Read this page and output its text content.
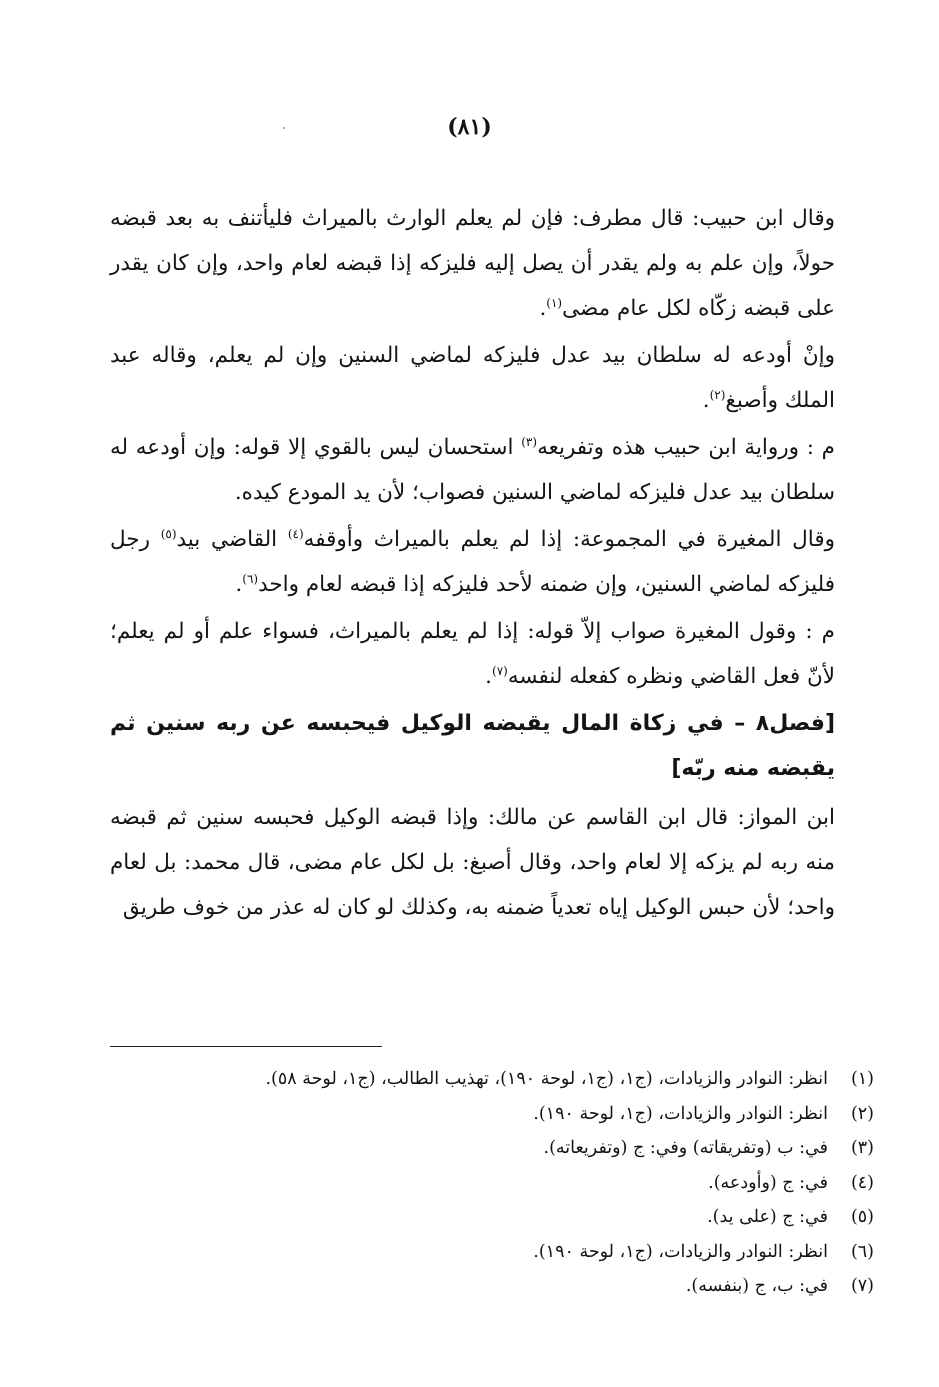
(٨١)

وقال ابن حبيب: قال مطرف: فإن لم يعلم الوارث بالميراث فليأتنف به بعد قبضه حولاً، وإن علم به ولم يقدر أن يصل إليه فليزكه إذا قبضه لعام واحد، وإن كان يقدر على قبضه زكّاه لكل عام مضى$^{(١)}$.

وإنْ أودعه له سلطان بيد عدل فليزكه لماضي السنين وإن لم يعلم، وقاله عبد الملك وأصبغ$^{(٢)}$.

م : ورواية ابن حبيب هذه وتفريعه$^{(٣)}$ استحسان ليس بالقوي إلا قوله: وإن أودعه له سلطان بيد عدل فليزكه لماضي السنين فصواب؛ لأن يد المودع كيده.

وقال المغيرة في المجموعة: إذا لم يعلم بالميراث وأوقفه$^{(٤)}$ القاضي بيد$^{(٥)}$ رجل فليزكه لماضي السنين، وإن ضمنه لأحد فليزكه إذا قبضه لعام واحد$^{(٦)}$.

م : وقول المغيرة صواب إلاّ قوله: إذا لم يعلم بالميراث، فسواء علم أو لم يعلم؛ لأنّ فعل القاضي ونظره كفعله لنفسه$^{(٧)}$.

[فصل٨ – في زكاة المال يقبضه الوكيل فيحبسه عن ربه سنين ثم يقبضه منه ربّه]

ابن المواز: قال ابن القاسم عن مالك: وإذا قبضه الوكيل فحبسه سنين ثم قبضه منه ربه لم يزكه إلا لعام واحد، وقال أصبغ: بل لكل عام مضى، قال محمد: بل لعام واحد؛ لأن حبس الوكيل إياه تعدياً ضمنه به، وكذلك لو كان له عذر من خوف طريق

(١)
انظر: النوادر والزيادات، (ج١، (ج١، لوحة ١٩٠)، تهذيب الطالب، (ج١، لوحة ٥٨).
(٢)
انظر: النوادر والزيادات، (ج١، لوحة ١٩٠).
(٣)
في: ب (وتفريقاته) وفي: ج (وتفريعاته).
(٤)
في: ج (وأودعه).
(٥)
في: ج (على يد).
(٦)
انظر: النوادر والزيادات، (ج١، لوحة ١٩٠).
(٧)
في: ب، ج (بنفسه).
